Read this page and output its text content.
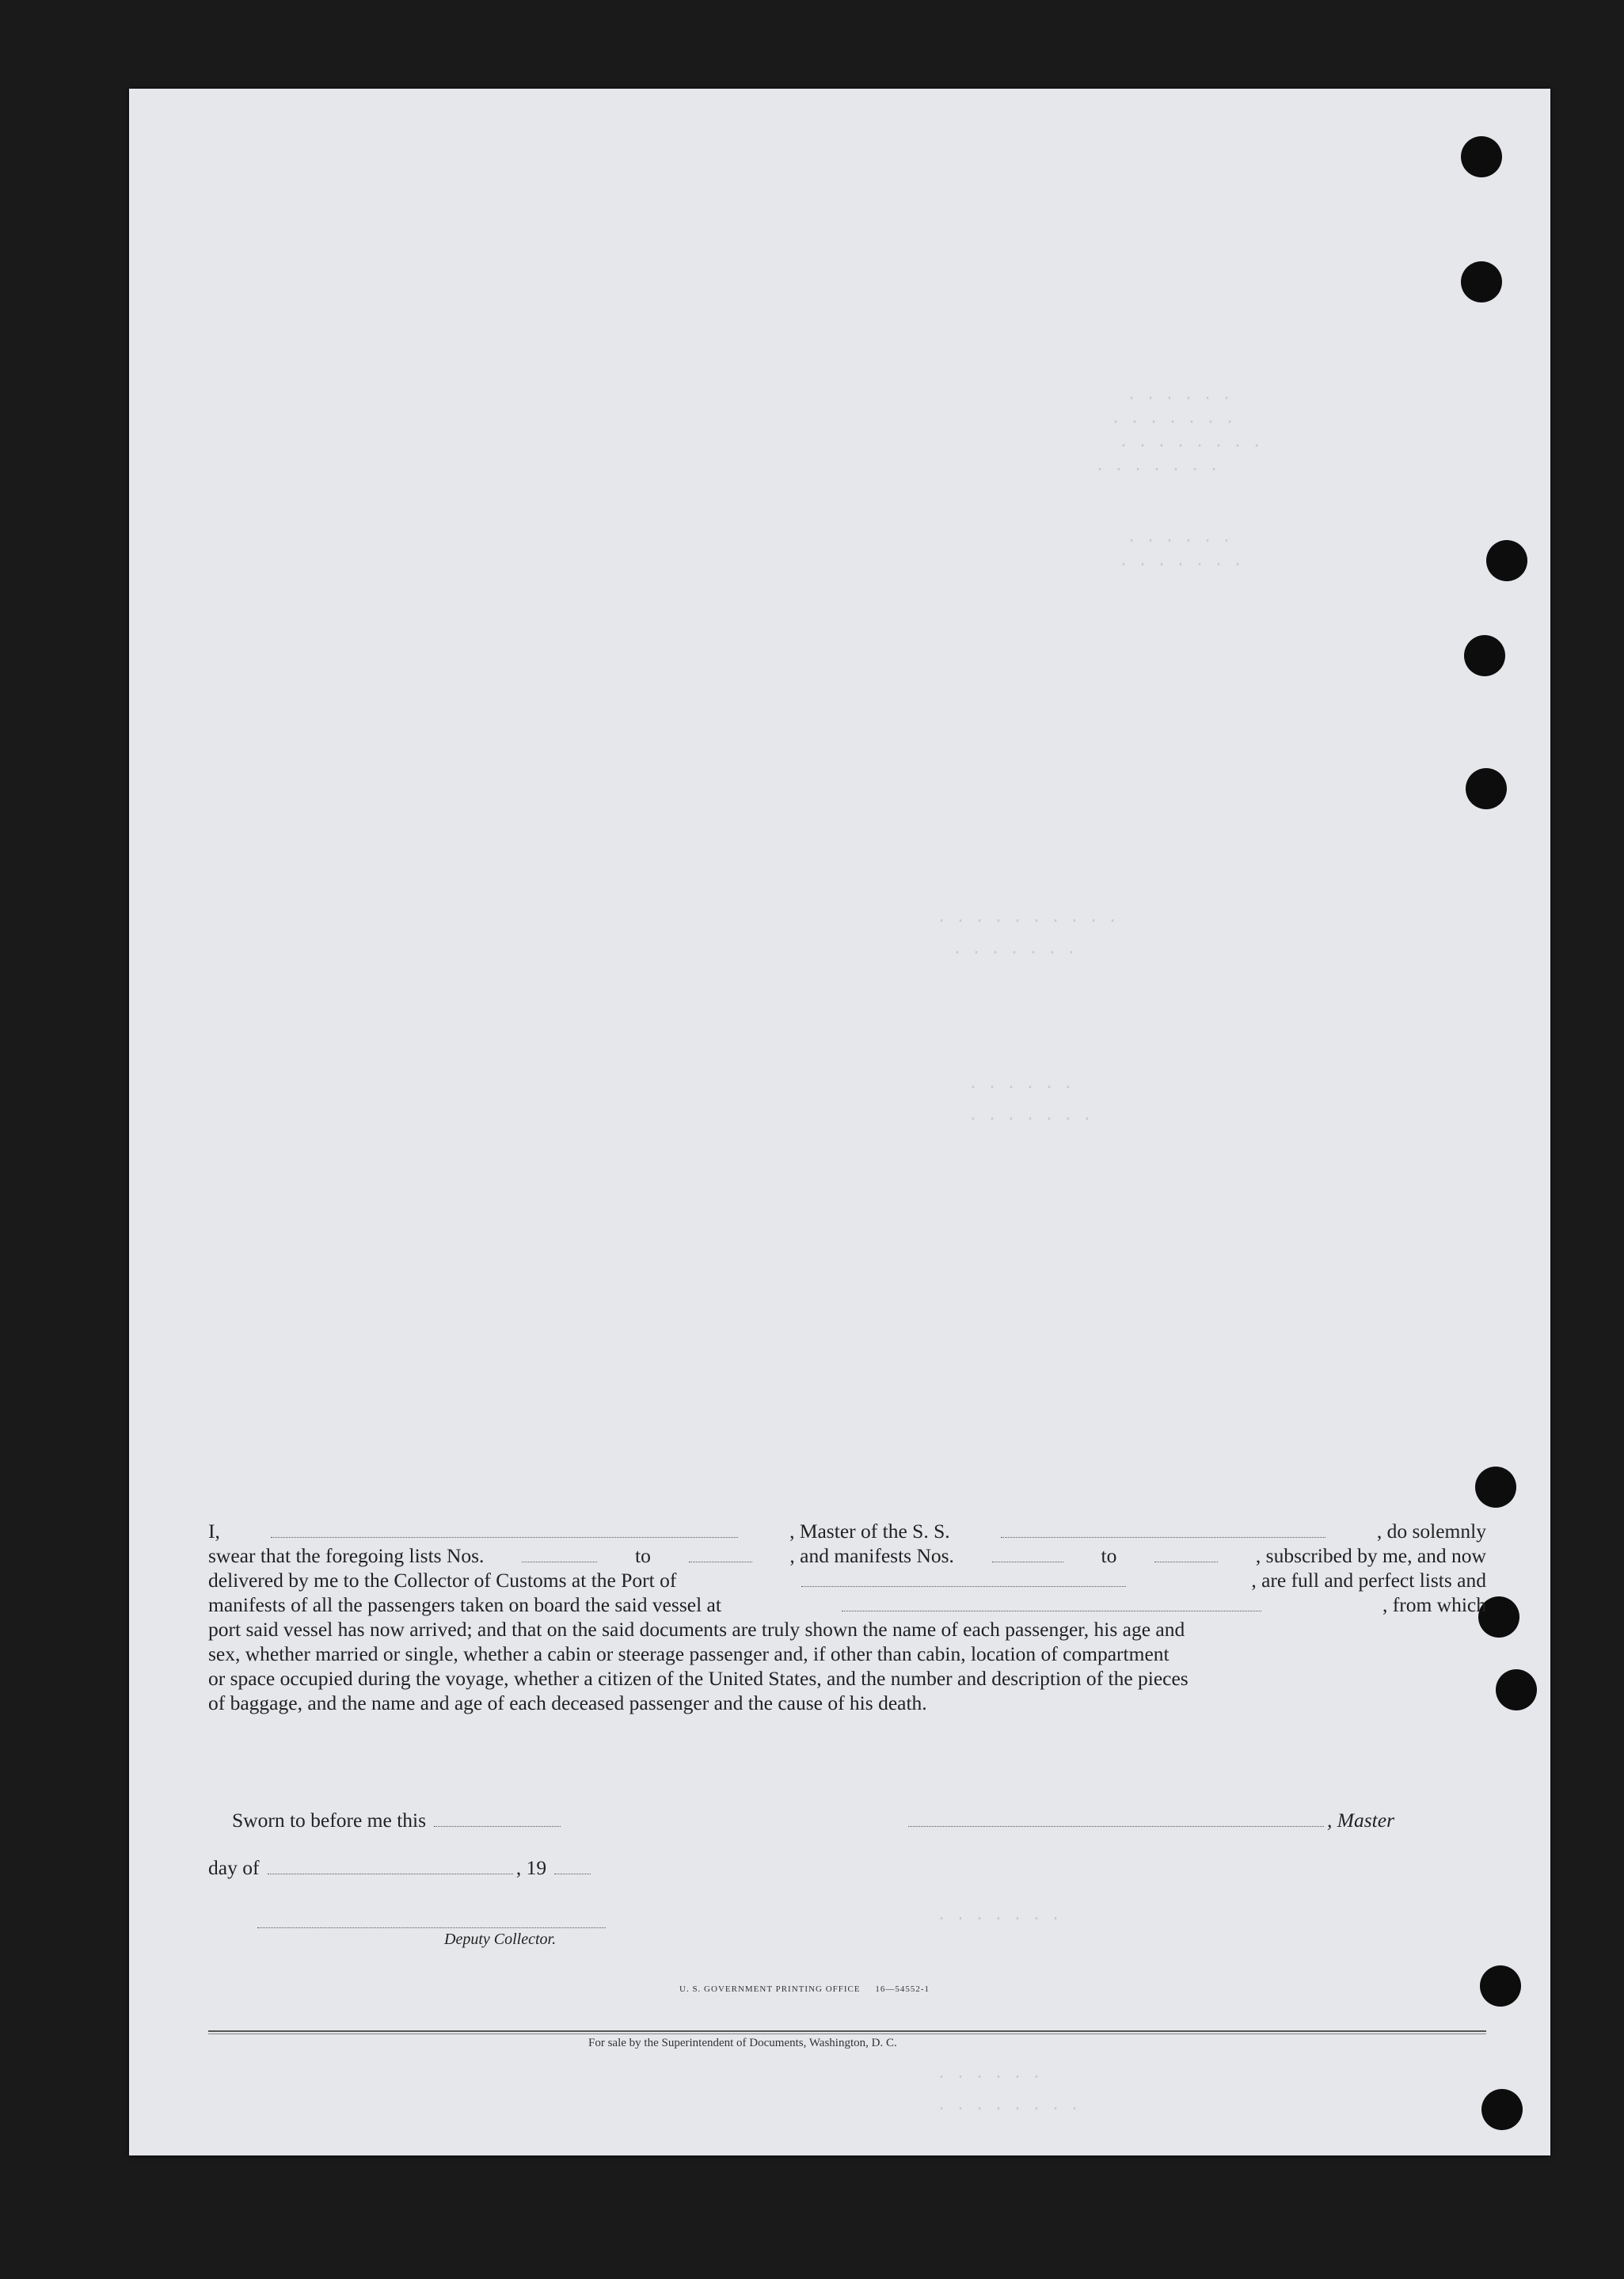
· · · · · ·
· · · · · · ·
· · · · · · · ·
· · · · · · ·
· · · · · ·
· · · · · · ·
· · · · · · · · · ·
· · · · · · ·
· · · · · ·
· · · · · · ·
· · · · · · ·
· · · · · ·
· · · · · · · ·
I,	, Master of the S. S.	, do solemnly
swear that the foregoing lists Nos.	to	, and manifests Nos.	to	, subscribed by me, and now
delivered by me to the Collector of Customs at the Port of	, are full and perfect lists and
manifests of all the passengers taken on board the said vessel at	, from which
port said vessel has now arrived; and that on the said documents are truly shown the name of each passenger, his age and
sex, whether married or single, whether a cabin or steerage passenger and, if other than cabin, location of compartment
or space occupied during the voyage, whether a citizen of the United States, and the number and description of the pieces
of baggage, and the name and age of each deceased passenger and the cause of his death.
Sworn to before me this	, Master
day of	, 19
Deputy Collector.
U. S. GOVERNMENT PRINTING OFFICE 16—54552-1
For sale by the Superintendent of Documents, Washington, D. C.
